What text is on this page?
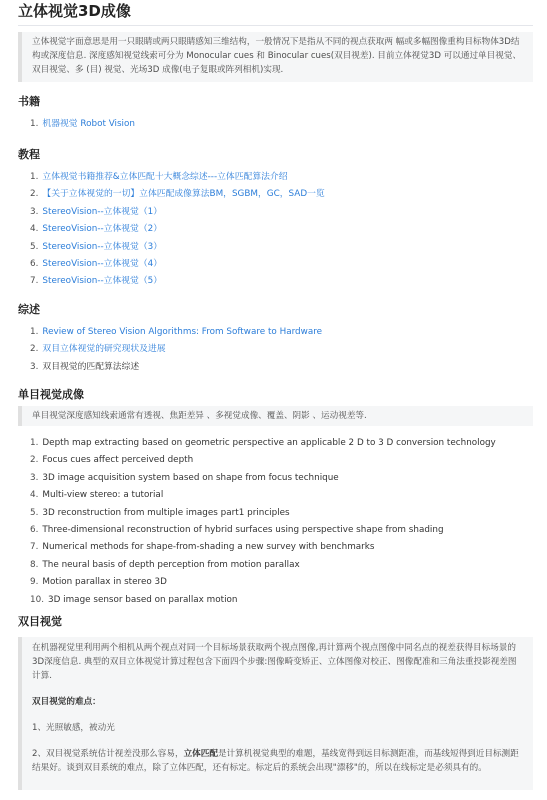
立体视觉3D成像

立体视觉字面意思是用一只眼睛或两只眼睛感知三维结构，一般情况下是指从不同的视点获取两 幅或多幅图像重构目标物体3D结构或深度信息. 深度感知视觉线索可分为 Monocular cues 和 Binocular cues(双目视差). 目前立体视觉3D 可以通过单目视觉、双目视觉、多 (目) 视觉、光场3D 成像(电子复眼或阵列相机)实现.

书籍
1. 机器视觉 Robot Vision
教程
1. 立体视觉书籍推荐&立体匹配十大概念综述---立体匹配算法介绍
2. 【关于立体视觉的一切】立体匹配成像算法BM，SGBM，GC，SAD一览
3. StereoVision--立体视觉（1）
4. StereoVision--立体视觉（2）
5. StereoVision--立体视觉（3）
6. StereoVision--立体视觉（4）
7. StereoVision--立体视觉（5）
综述
1. Review of Stereo Vision Algorithms: From Software to Hardware
2. 双目立体视觉的研究现状及进展
3. 双目视觉的匹配算法综述
单目视觉成像

单目视觉深度感知线索通常有透视、焦距差异 、多视觉成像、覆盖、阴影 、运动视差等.

1. Depth map extracting based on geometric perspective an applicable 2 D to 3 D conversion technology
2. Focus cues affect perceived depth
3. 3D image acquisition system based on shape from focus technique
4. Multi-view stereo: a tutorial
5. 3D reconstruction from multiple images part1 principles
6. Three-dimensional reconstruction of hybrid surfaces using perspective shape from shading
7. Numerical methods for shape-from-shading a new survey with benchmarks
8. The neural basis of depth perception from motion parallax
9. Motion parallax in stereo 3D
10. 3D image sensor based on parallax motion
双目视觉

在机器视觉里利用两个相机从两个视点对同一个目标场景获取两个视点图像,再计算两个视点图像中同名点的视差获得目标场景的3D深度信息. 典型的双目立体视觉计算过程包含下面四个步骤:图像畸变矫正、立体图像对校正、图像配准和三角法重投影视差图计算.

双目视觉的难点：

1、光照敏感，被动光

2、双目视觉系统估计视差没那么容易，立体匹配是计算机视觉典型的难题，基线宽得到远目标测距准，而基线短得到近目标测距结果好。谈到双目系统的难点，除了立体匹配，还有标定。标定后的系统会出现"漂移"的，所以在线标定是必须具有的。
